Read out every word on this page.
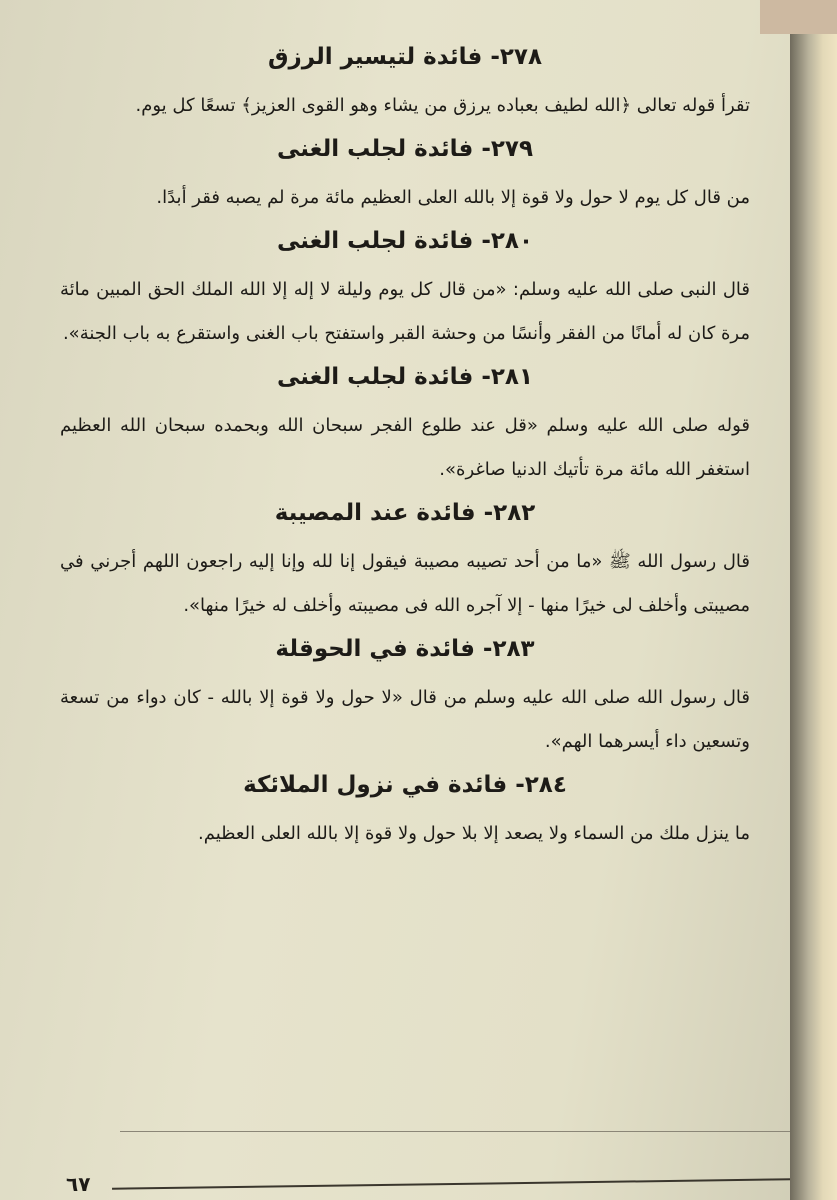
٢٧٨- فائدة لتيسير الرزق

تقرأ قوله تعالى ﴿الله لطيف بعباده يرزق من يشاء وهو القوى العزيز﴾ تسعًا كل يوم.

٢٧٩- فائدة لجلب الغنى

من قال كل يوم لا حول ولا قوة إلا بالله العلى العظيم مائة مرة لم يصبه فقر أبدًا.

٢٨٠- فائدة لجلب الغنى

قال النبى صلى الله عليه وسلم: «من قال كل يوم وليلة لا إله إلا الله الملك الحق المبين مائة مرة كان له أمانًا من الفقر وأنسًا من وحشة القبر واستفتح باب الغنى واستقرع به باب الجنة».

٢٨١- فائدة لجلب الغنى

قوله صلى الله عليه وسلم «قل عند طلوع الفجر سبحان الله وبحمده سبحان الله العظيم استغفر الله مائة مرة تأتيك الدنيا صاغرة».

٢٨٢- فائدة عند المصيبة

قال رسول الله ﷺ «ما من أحد تصيبه مصيبة فيقول إنا لله وإنا إليه راجعون اللهم أجرني في مصيبتى وأخلف لى خيرًا منها - إلا آجره الله فى مصيبته وأخلف له خيرًا منها».

٢٨٣- فائدة في الحوقلة

قال رسول الله صلى الله عليه وسلم من قال «لا حول ولا قوة إلا بالله - كان دواء من تسعة وتسعين داء أيسرهما الهم».

٢٨٤- فائدة في نزول الملائكة

ما ينزل ملك من السماء ولا يصعد إلا بلا حول ولا قوة إلا بالله العلى العظيم.

٦٧
